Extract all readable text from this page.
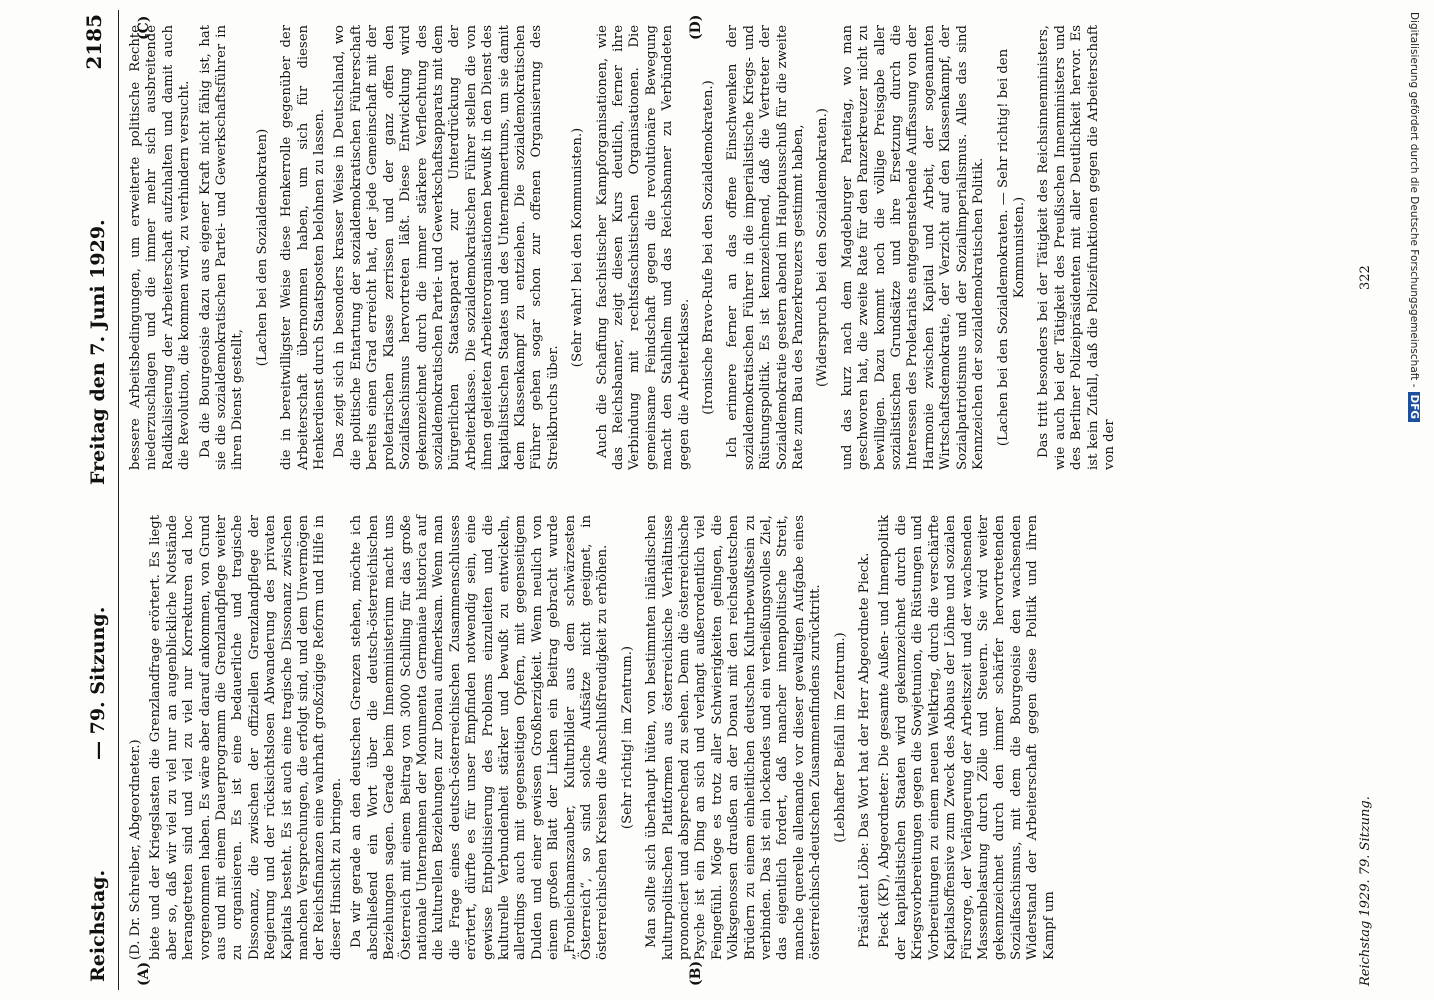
Reichstag.
— 79. Sitzung.
Freitag den 7. Juni 1929.
2185
(A)	(B)
(C)	(D)

(D. Dr. Schreiber, Abgeordneter.) biete und der Kriegslasten die Grenzlandfrage erörtert. Es liegt aber so, daß wir viel zu viel nur an augenblickliche Notstände herangetreten sind und viel zu viel nur Korrekturen ad hoc vorgenommen haben. Es wäre aber darauf ankommen, von Grund aus und mit einem Dauerprogramm die Grenzlandpflege weiter zu organisieren. Es ist eine bedauerliche und tragische Dissonanz, die zwischen der offiziellen Grenzlandpflege der Regierung und der rücksichtslosen Abwanderung des privaten Kapitals besteht. Es ist auch eine tragische Dissonanz zwischen manchen Versprechungen, die erfolgt sind, und dem Unvermögen der Reichsfinanzen eine wahrhaft großzügige Reform und Hilfe in dieser Hinsicht zu bringen. Da wir gerade an den deutschen Grenzen stehen, möchte ich abschließend ein Wort über die deutsch-österreichischen Beziehungen sagen. Gerade beim Innenministerium macht uns Österreich mit einem Beitrag von 3000 Schilling für das große nationale Unternehmen der Monumenta Germaniae historica auf die kulturellen Beziehungen zur Donau aufmerksam. Wenn man die Frage eines deutsch-österreichischen Zusammenschlusses erörtert, dürfte es für unser Empfinden notwendig sein, eine gewisse Entpolitisierung des Problems einzuleiten und die kulturelle Verbundenheit stärker und bewußt zu entwickeln, allerdings auch mit gegenseitigen Opfern, mit gegenseitigem Dulden und einer gewissen Großherzigkeit. Wenn neulich von einem großen Blatt der Linken ein Beitrag gebracht wurde „Fronleichnamszauber, Kulturbilder aus dem schwärzesten Österreich“, so sind solche Aufsätze nicht geeignet, in österreichischen Kreisen die Anschlußfreudigkeit zu erhöhen. (Sehr richtig! im Zentrum.) Man sollte sich überhaupt hüten, von bestimmten inländischen kulturpolitischen Plattformen aus österreichische Verhältnisse prononciert und absprechend zu sehen. Denn die österreichische Psyche ist ein Ding an sich und verlangt außerordentlich viel Feingefühl. Möge es trotz aller Schwierigkeiten gelingen, die Volksgenossen draußen an der Donau mit den reichsdeutschen Brüdern zu einem einheitlichen deutschen Kulturbewußtsein zu verbinden. Das ist ein lockendes und ein verheißungsvolles Ziel, das eigentlich fordert, daß mancher innenpolitische Streit, manche querelle allemande vor dieser gewaltigen Aufgabe eines österreichisch-deutschen Zusammenfindens zurücktritt. (Lebhafter Beifall im Zentrum.) Präsident Löbe: Das Wort hat der Herr Abgeordnete Pieck. Pieck (KP), Abgeordneter: Die gesamte Außen- und Innenpolitik der kapitalistischen Staaten wird gekennzeichnet durch die Kriegsvorbereitungen gegen die Sowjetunion, die Rüstungen und Vorbereitungen zu einem neuen Weltkrieg, durch die verschärfte Kapitalsoffensive zum Zweck des Abbaus der Löhne und sozialen Fürsorge, der Verlängerung der Arbeitszeit und der wachsenden Massenbelastung durch Zölle und Steuern. Sie wird weiter gekennzeichnet durch den immer schärfer hervortretenden Sozialfaschismus, mit dem die Bourgeoisie den wachsenden Widerstand der Arbeiterschaft gegen diese Politik und ihren Kampf um

bessere Arbeitsbedingungen, um erweiterte politische Rechte niederzuschlagen und die immer mehr sich ausbreitende Radikalisierung der Arbeiterschaft aufzuhalten und damit auch die Revolution, die kommen wird, zu verhindern versucht. Da die Bourgeoisie dazu aus eigener Kraft nicht fähig ist, hat sie die sozialdemokratischen Partei- und Gewerkschaftsführer in ihren Dienst gestellt,

(Lachen bei den Sozialdemokraten) die in bereitwilligster Weise diese Henkerrolle gegenüber der Arbeiterschaft übernommen haben, um sich für diesen Henkerdienst durch Staatsposten belohnen zu lassen. Das zeigt sich in besonders krasser Weise in Deutschland, wo die politische Entartung der sozialdemokratischen Führerschaft bereits einen Grad erreicht hat, der jede Gemeinschaft mit der proletarischen Klasse zerrissen und der ganz offen den Sozialfaschismus hervortreten läßt. Diese Entwicklung wird gekennzeichnet durch die immer stärkere Verflechtung des sozialdemokratischen Partei- und Gewerkschaftsapparats mit dem bürgerlichen Staatsapparat zur Unterdrückung der Arbeiterklasse. Die sozialdemokratischen Führer stellen die von ihnen geleiteten Arbeiterorganisationen bewußt in den Dienst des kapitalistischen Staates und des Unternehmertums, um sie damit dem Klassenkampf zu entziehen. Die sozialdemokratischen Führer gehen sogar schon zur offenen Organisierung des Streikbruchs über.

(Sehr wahr! bei den Kommunisten.) Auch die Schaffung faschistischer Kampforganisationen, wie das Reichsbanner, zeigt diesen Kurs deutlich, ferner ihre Verbindung mit rechtsfaschistischen Organisationen. Die gemeinsame Feindschaft gegen die revolutionäre Bewegung macht den Stahlhelm und das Reichsbanner zu Verbündeten gegen die Arbeiterklasse. (Ironische Bravo-Rufe bei den Sozialdemokraten.) Ich erinnere ferner an das offene Einschwenken der sozialdemokratischen Führer in die imperialistische Kriegs- und Rüstungspolitik. Es ist kennzeichnend, daß die Vertreter der Sozialdemokratie gestern abend im Hauptausschuß für die zweite Rate zum Bau des Panzerkreuzers gestimmt haben, (Widerspruch bei den Sozialdemokraten.) und das kurz nach dem Magdeburger Parteitag, wo man geschworen hat, die zweite Rate für den Panzerkreuzer nicht zu bewilligen. Dazu kommt noch die völlige Preisgabe aller sozialistischen Grundsätze und ihre Ersetzung durch die Interessen des Proletariats entgegenstehende Auffassung von der Harmonie zwischen Kapital und Arbeit, der sogenannten Wirtschaftsdemokratie, der Verzicht auf den Klassenkampf, der Sozialpatriotismus und der Sozialimperialismus. Alles das sind Kennzeichen der sozialdemokratischen Politik. (Lachen bei den Sozialdemokraten. — Sehr richtig! bei den Kommunisten.) Das tritt besonders bei der Tätigkeit des Reichsinnenministers, wie auch bei der Tätigkeit des Preußischen Innenministers und des Berliner Polizeipräsidenten mit aller Deutlichkeit hervor. Es ist kein Zufall, daß die Polizeifunktionen gegen die Arbeiterschaft von der

Reichstag 1929. 79. Sitzung.
322	Digitalisierung gefördert durch die Deutsche Forschungsgemeinschaft -DFG
